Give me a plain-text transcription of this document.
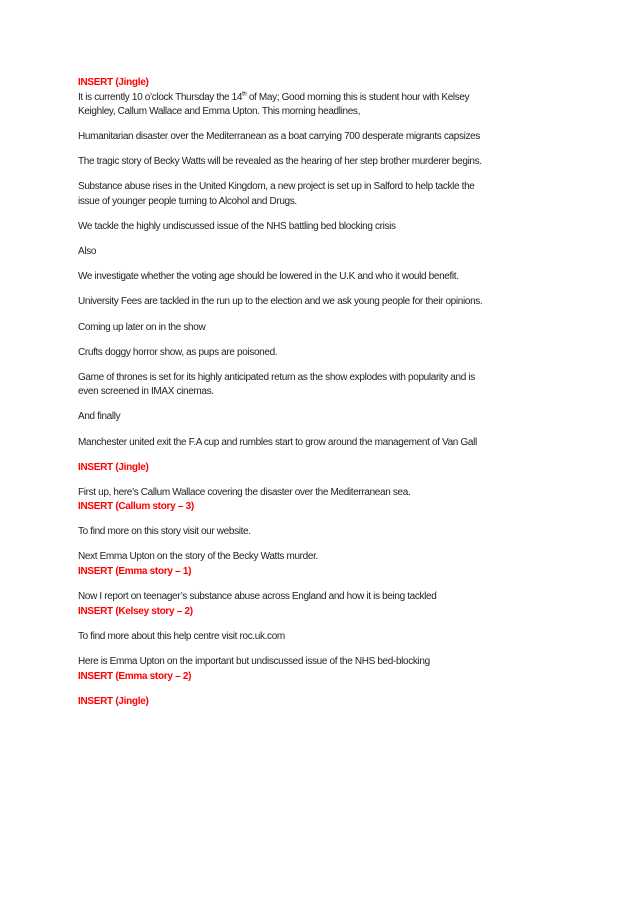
INSERT (Jingle)
It is currently 10 o’clock Thursday the 14th of May; Good morning this is student hour with Kelsey
Keighley, Callum Wallace and Emma Upton. This morning headlines,

Humanitarian disaster over the Mediterranean as a boat carrying 700 desperate migrants capsizes

The tragic story of Becky Watts will be revealed as the hearing of her step brother murderer begins.

Substance abuse rises in the United Kingdom, a new project is set up in Salford to help tackle the
issue of younger people turning to Alcohol and Drugs.

We tackle the highly undiscussed issue of the NHS battling bed blocking crisis

Also

We investigate whether the voting age should be lowered in the U.K and who it would benefit.

University Fees are tackled in the run up to the election and we ask young people for their opinions.

Coming up later on in the show

Crufts doggy horror show, as pups are poisoned.

Game of thrones is set for its highly anticipated return as the show explodes with popularity and is
even screened in IMAX cinemas.

And finally

Manchester united exit the F.A cup and rumbles start to grow around the management of Van Gall

INSERT (Jingle)

First up, here’s Callum Wallace covering the disaster over the Mediterranean sea.
INSERT (Callum story – 3)

To find more on this story visit our website.

Next Emma Upton on the story of the Becky Watts murder.
INSERT (Emma story – 1)

Now I report on teenager’s substance abuse across England and how it is being tackled
INSERT (Kelsey story – 2)

To find more about this help centre visit roc.uk.com

Here is Emma Upton on the important but undiscussed issue of the NHS bed-blocking
INSERT (Emma story – 2)

INSERT (Jingle)
